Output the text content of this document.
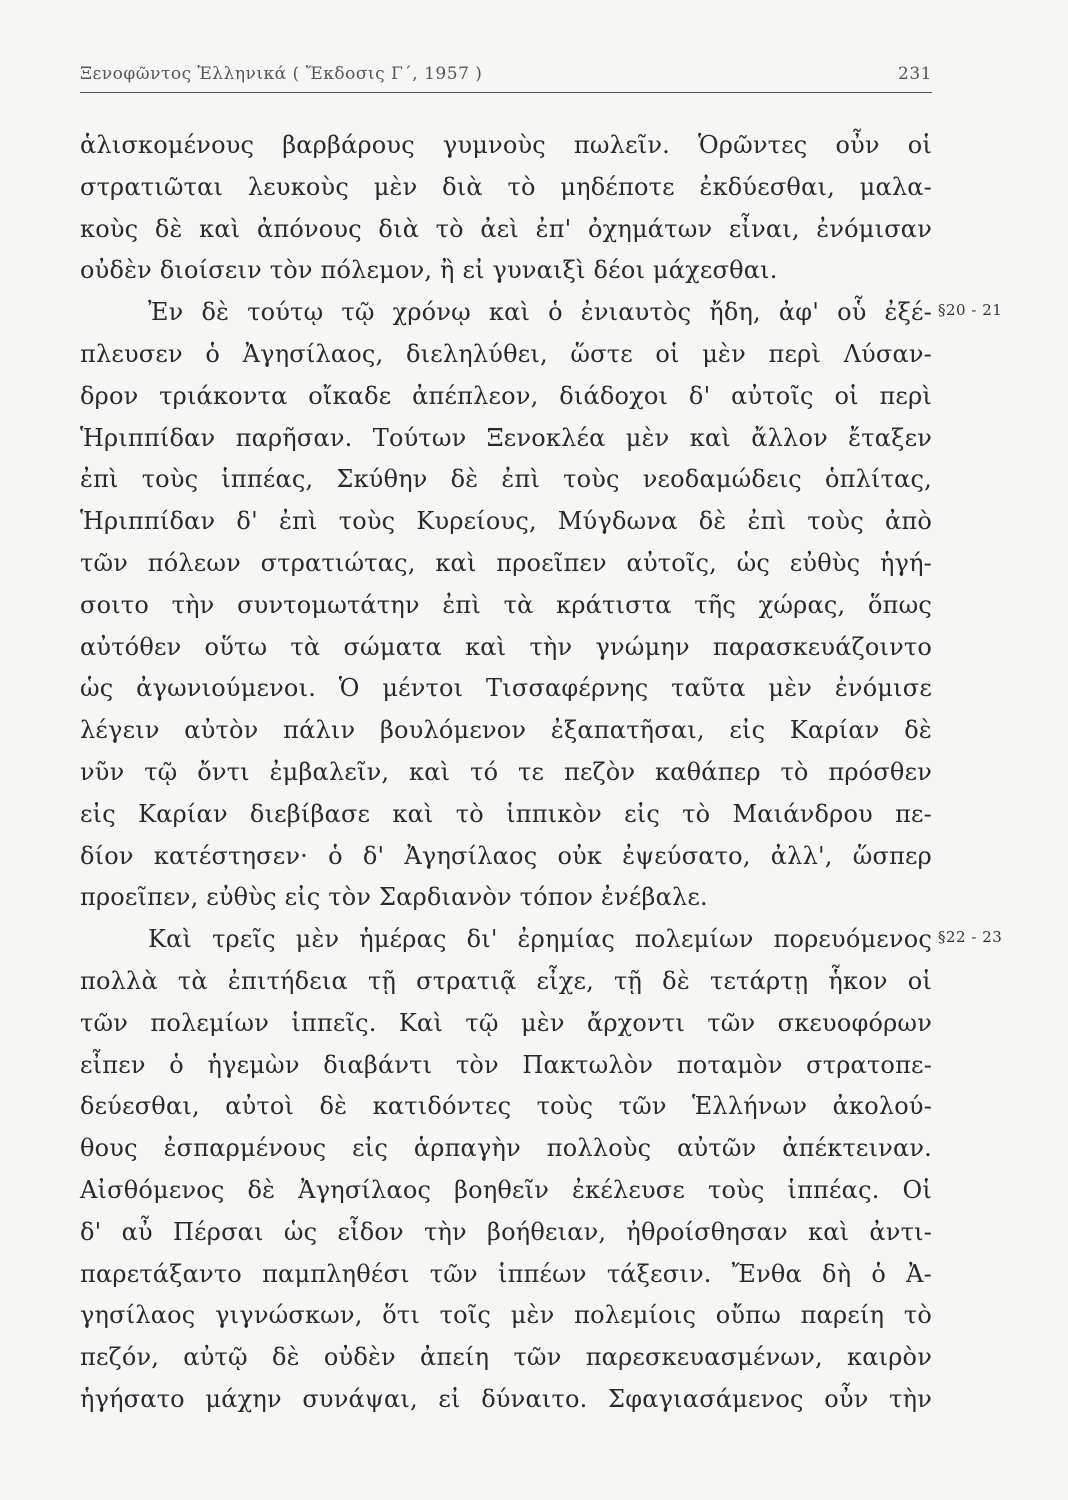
Ξενοφῶντος Ἑλληνικά ( Ἔκδοσις Γ΄, 1957 )	231
ἁλισκομένους βαρβάρους γυμνοὺς πωλεῖν. Ὁρῶντες οὖν οἱ
στρατιῶται λευκοὺς μὲν διὰ τὸ μηδέποτε ἐκδύεσθαι, μαλα-
κοὺς δὲ καὶ ἀπόνους διὰ τὸ ἀεὶ ἐπ' ὀχημάτων εἶναι, ἐνόμισαν
οὐδὲν διοίσειν τὸν πόλεμον, ἢ εἰ γυναιξὶ δέοι μάχεσθαι.
Ἐν δὲ τούτῳ τῷ χρόνῳ καὶ ὁ ἐνιαυτὸς ἤδη, ἀφ' οὗ ἐξέ-
πλευσεν ὁ Ἀγησίλαος, διεληλύθει, ὥστε οἱ μὲν περὶ Λύσαν-
δρον τριάκοντα οἴκαδε ἀπέπλεον, διάδοχοι δ' αὐτοῖς οἱ περὶ
Ἡριππίδαν παρῆσαν. Τούτων Ξενοκλέα μὲν καὶ ἄλλον ἔταξεν
ἐπὶ τοὺς ἱππέας, Σκύθην δὲ ἐπὶ τοὺς νεοδαμώδεις ὁπλίτας,
Ἡριππίδαν δ' ἐπὶ τοὺς Κυρείους, Μύγδωνα δὲ ἐπὶ τοὺς ἀπὸ
τῶν πόλεων στρατιώτας, καὶ προεῖπεν αὐτοῖς, ὡς εὐθὺς ἡγή-
σοιτο τὴν συντομωτάτην ἐπὶ τὰ κράτιστα τῆς χώρας, ὅπως
αὐτόθεν οὕτω τὰ σώματα καὶ τὴν γνώμην παρασκευάζοιντο
ὡς ἀγωνιούμενοι. Ὁ μέντοι Τισσαφέρνης ταῦτα μὲν ἐνόμισε
λέγειν αὐτὸν πάλιν βουλόμενον ἐξαπατῆσαι, εἰς Καρίαν δὲ
νῦν τῷ ὄντι ἐμβαλεῖν, καὶ τό τε πεζὸν καθάπερ τὸ πρόσθεν
εἰς Καρίαν διεβίβασε καὶ τὸ ἱππικὸν εἰς τὸ Μαιάνδρου πε-
δίον κατέστησεν· ὁ δ' Ἀγησίλαος οὐκ ἐψεύσατο, ἀλλ', ὥσπερ
προεῖπεν, εὐθὺς εἰς τὸν Σαρδιανὸν τόπον ἐνέβαλε.
Καὶ τρεῖς μὲν ἡμέρας δι' ἐρημίας πολεμίων πορευόμενος
πολλὰ τὰ ἐπιτήδεια τῇ στρατιᾷ εἶχε, τῇ δὲ τετάρτῃ ἧκον οἱ
τῶν πολεμίων ἱππεῖς. Καὶ τῷ μὲν ἄρχοντι τῶν σκευοφόρων
εἶπεν ὁ ἡγεμὼν διαβάντι τὸν Πακτωλὸν ποταμὸν στρατοπε-
δεύεσθαι, αὐτοὶ δὲ κατιδόντες τοὺς τῶν Ἑλλήνων ἀκολού-
θους ἐσπαρμένους εἰς ἁρπαγὴν πολλοὺς αὐτῶν ἀπέκτειναν.
Αἰσθόμενος δὲ Ἀγησίλαος βοηθεῖν ἐκέλευσε τοὺς ἱππέας. Οἱ
δ' αὖ Πέρσαι ὡς εἶδον τὴν βοήθειαν, ἠθροίσθησαν καὶ ἀντι-
παρετάξαντο παμπληθέσι τῶν ἱππέων τάξεσιν. Ἔνθα δὴ ὁ Ἀ-
γησίλαος γιγνώσκων, ὅτι τοῖς μὲν πολεμίοις οὔπω παρείη τὸ
πεζόν, αὐτῷ δὲ οὐδὲν ἀπείη τῶν παρεσκευασμένων, καιρὸν
ἡγήσατο μάχην συνάψαι, εἰ δύναιτο. Σφαγιασάμενος οὖν τὴν
§20 - 21
§22 - 23
